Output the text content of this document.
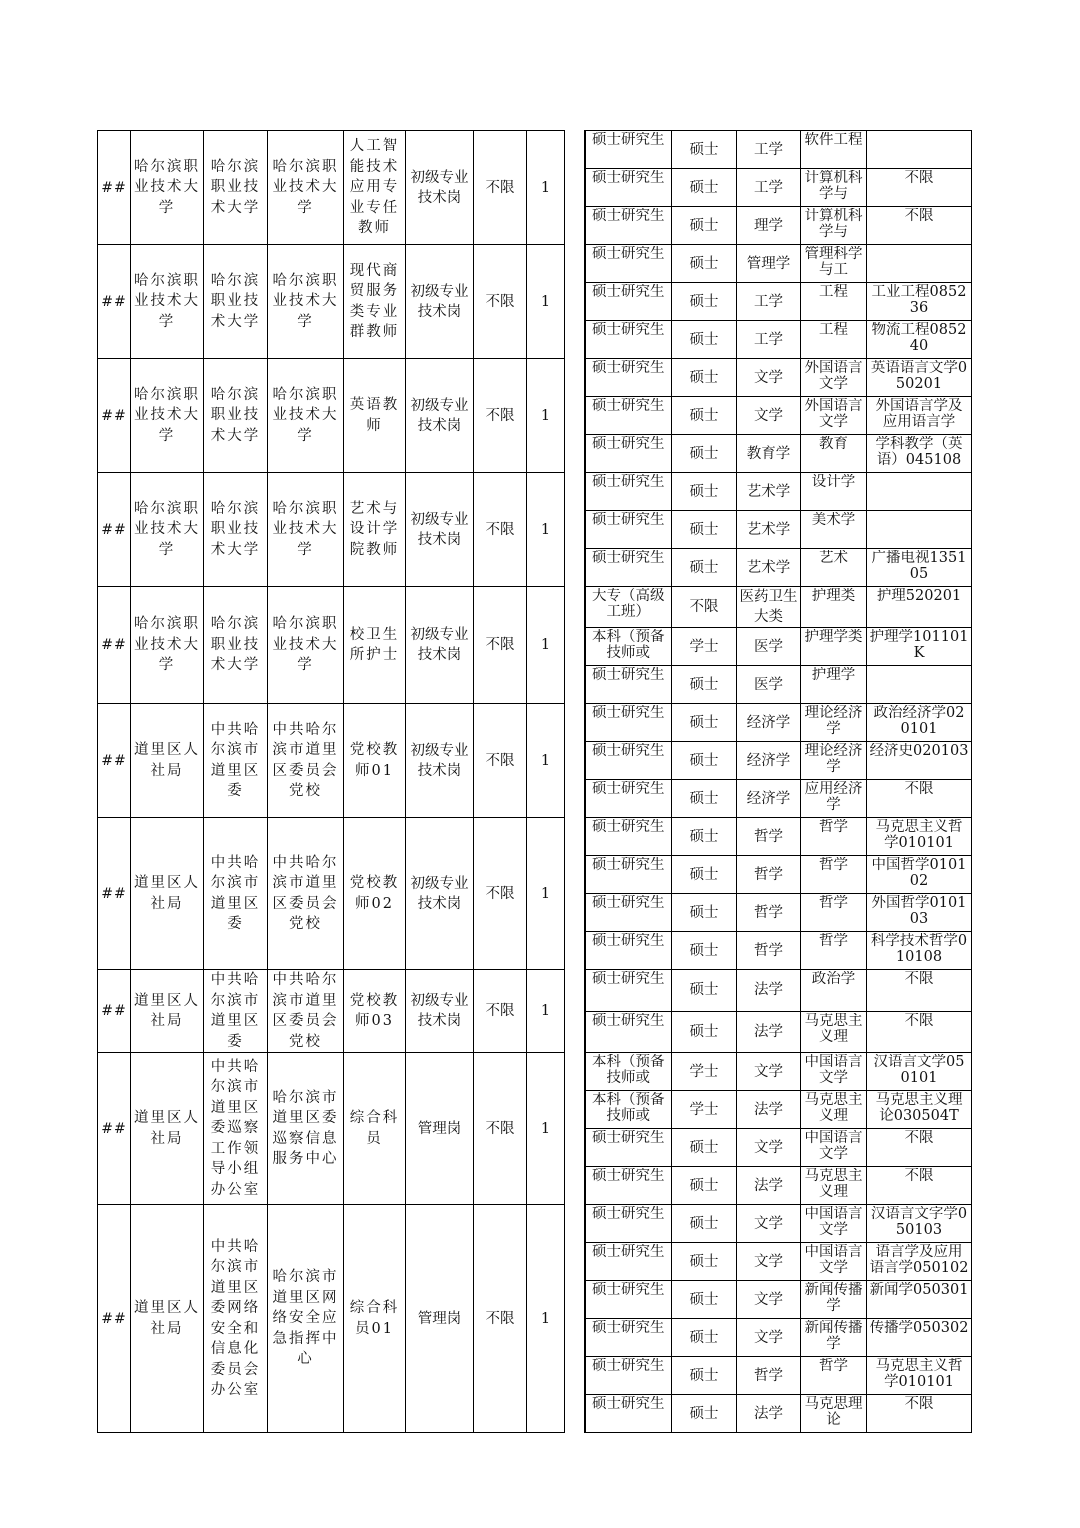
##	哈尔滨职业技术大学	哈尔滨职业技术大学	哈尔滨职业技术大学	人工智能技术应用专业专任教师	初级专业技术岗	不限	1		硕士研究生	硕士	工学	软件工程	

									硕士研究生	硕士	工学	计算机科学与	不限

									硕士研究生	硕士	理学	计算机科学与	不限

##	哈尔滨职业技术大学	哈尔滨职业技术大学	哈尔滨职业技术大学	现代商贸服务类专业群教师	初级专业技术岗	不限	1		硕士研究生	硕士	管理学	管理科学与工	

									硕士研究生	硕士	工学	工程	工业工程085236

									硕士研究生	硕士	工学	工程	物流工程085240

##	哈尔滨职业技术大学	哈尔滨职业技术大学	哈尔滨职业技术大学	英语教师	初级专业技术岗	不限	1		硕士研究生	硕士	文学	外国语言文学	英语语言文学050201

									硕士研究生	硕士	文学	外国语言文学	外国语言学及应用语言学

									硕士研究生	硕士	教育学	教育	学科教学（英语）045108

##	哈尔滨职业技术大学	哈尔滨职业技术大学	哈尔滨职业技术大学	艺术与设计学院教师	初级专业技术岗	不限	1		硕士研究生	硕士	艺术学	设计学	

									硕士研究生	硕士	艺术学	美术学	

									硕士研究生	硕士	艺术学	艺术	广播电视135105

##	哈尔滨职业技术大学	哈尔滨职业技术大学	哈尔滨职业技术大学	校卫生所护士	初级专业技术岗	不限	1		大专（高级工班）	不限	医药卫生大类	护理类	护理520201

									本科（预备技师或	学士	医学	护理学类	护理学101101K

									硕士研究生	硕士	医学	护理学	

##	道里区人社局	中共哈尔滨市道里区委	中共哈尔滨市道里区委员会党校	党校教师01	初级专业技术岗	不限	1		硕士研究生	硕士	经济学	理论经济学	政治经济学020101

									硕士研究生	硕士	经济学	理论经济学	经济史020103

									硕士研究生	硕士	经济学	应用经济学	不限

##	道里区人社局	中共哈尔滨市道里区委	中共哈尔滨市道里区委员会党校	党校教师02	初级专业技术岗	不限	1		硕士研究生	硕士	哲学	哲学	马克思主义哲学010101

									硕士研究生	硕士	哲学	哲学	中国哲学010102

									硕士研究生	硕士	哲学	哲学	外国哲学010103

									硕士研究生	硕士	哲学	哲学	科学技术哲学010108

##	道里区人社局	中共哈尔滨市道里区委	中共哈尔滨市道里区委员会党校	党校教师03	初级专业技术岗	不限	1		硕士研究生	硕士	法学	政治学	不限

									硕士研究生	硕士	法学	马克思主义理	不限

##	道里区人社局	中共哈尔滨市道里区委巡察工作领导小组办公室	哈尔滨市道里区委巡察信息服务中心	综合科员	管理岗	不限	1		本科（预备技师或	学士	文学	中国语言文学	汉语言文学050101

									本科（预备技师或	学士	法学	马克思主义理	马克思主义理论030504T

									硕士研究生	硕士	文学	中国语言文学	不限

									硕士研究生	硕士	法学	马克思主义理	不限

##	道里区人社局	中共哈尔滨市道里区委网络安全和信息化委员会办公室	哈尔滨市道里区网络安全应急指挥中心	综合科员01	管理岗	不限	1		硕士研究生	硕士	文学	中国语言文学	汉语言文字学050103

									硕士研究生	硕士	文学	中国语言文学	语言学及应用语言学050102

									硕士研究生	硕士	文学	新闻传播学	新闻学050301

									硕士研究生	硕士	文学	新闻传播学	传播学050302

									硕士研究生	硕士	哲学	哲学	马克思主义哲学010101

									硕士研究生	硕士	法学	马克思理论	不限
